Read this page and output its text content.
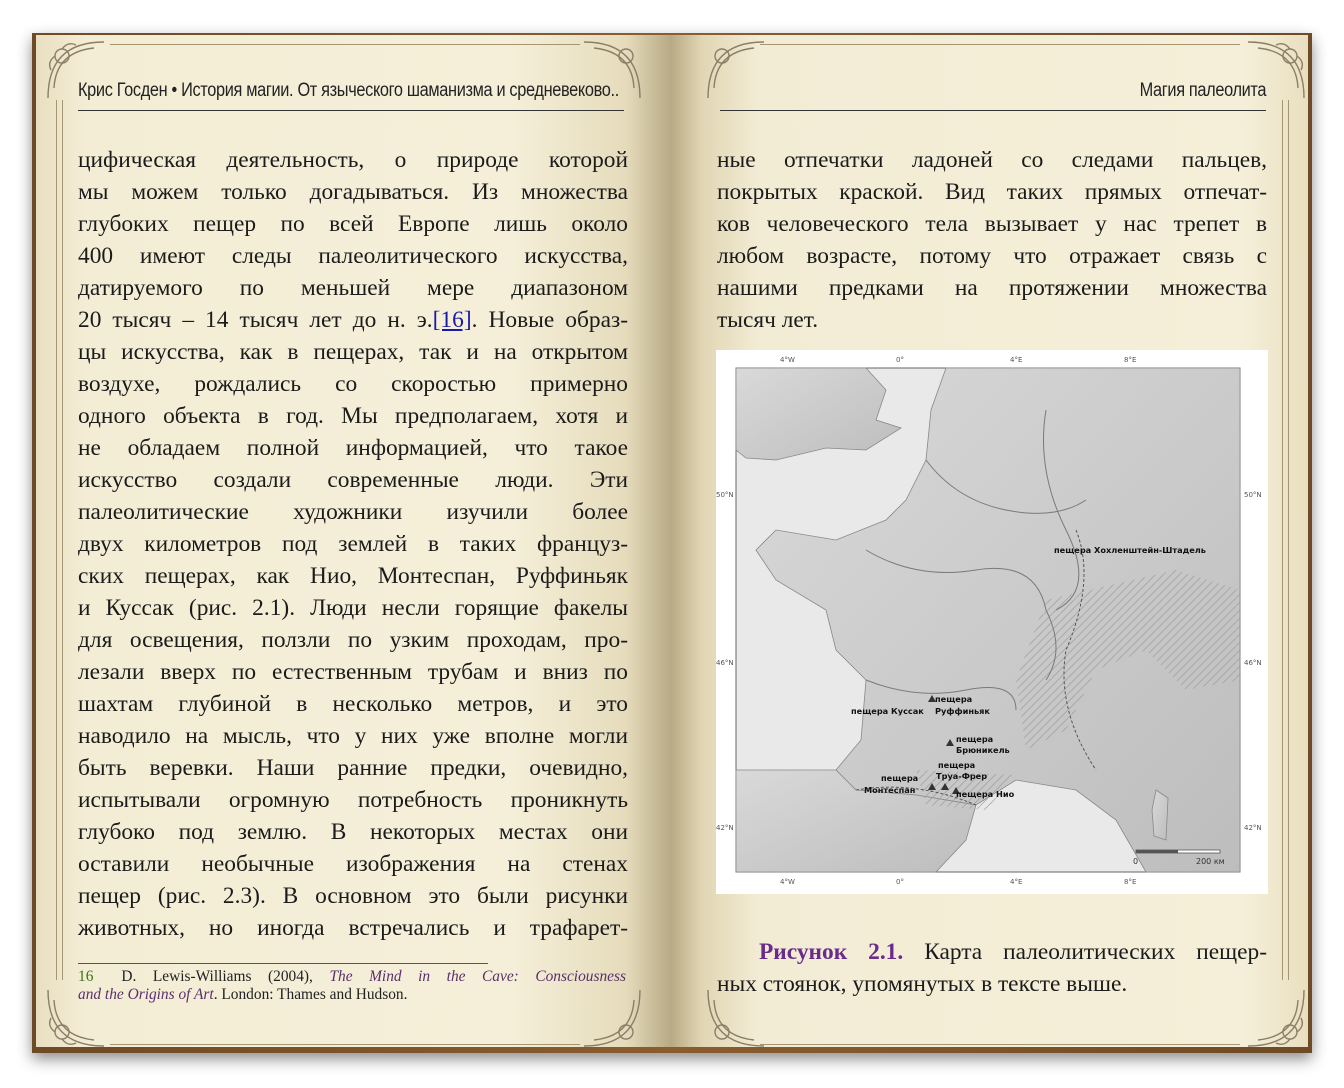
Крис Госден • История магии. От языческого шаманизма и средневеково..	Магия палеолита
цифическая деятельность, о природе которой
мы можем только догадываться. Из множества
глубоких пещер по всей Европе лишь около
400 имеют следы палеолитического искусства,
датируемого по меньшей мере диапазоном
20 тысяч – 14 тысяч лет до н. э.[16]. Новые образ-
цы искусства, как в пещерах, так и на открытом
воздухе, рождались со скоростью примерно
одного объекта в год. Мы предполагаем, хотя и
не обладаем полной информацией, что такое
искусство создали современные люди. Эти
палеолитические художники изучили более
двух километров под землей в таких француз-
ских пещерах, как Нио, Монтеспан, Руффиньяк
и Куссак (рис. 2.1). Люди несли горящие факелы
для освещения, ползли по узким проходам, про-
лезали вверх по естественным трубам и вниз по
шахтам глубиной в несколько метров, и это
наводило на мысль, что у них уже вполне могли
быть веревки. Наши ранние предки, очевидно,
испытывали огромную потребность проникнуть
глубоко под землю. В некоторых местах они
оставили необычные изображения на стенах
пещер (рис. 2.3). В основном это были рисунки
животных, но иногда встречались и трафарет-
16 D. Lewis-Williams (2004), The Mind in the Cave: Consciousness
and the Origins of Art. London: Thames and Hudson.
ные отпечатки ладоней со следами пальцев,
покрытых краской. Вид таких прямых отпечат-
ков человеческого тела вызывает у нас трепет в
любом возрасте, потому что отражает связь с
нашими предками на протяжении множества
тысяч лет.
4°W	0°	4°E	8°E
4°W	0°	4°E	8°E
50°N
46°N
42°N
50°N
46°N
42°N
пещера Хохленштейн-Штадель
пещера Куссак
пещера
Руффиньяк
пещера
Брюникель
пещера
Труа-Фрер
пещера
Монтеспан	пещера Нио
0	200 км
Рисунок 2.1. Карта палеолитических пещер-
ных стоянок, упомянутых в тексте выше.
